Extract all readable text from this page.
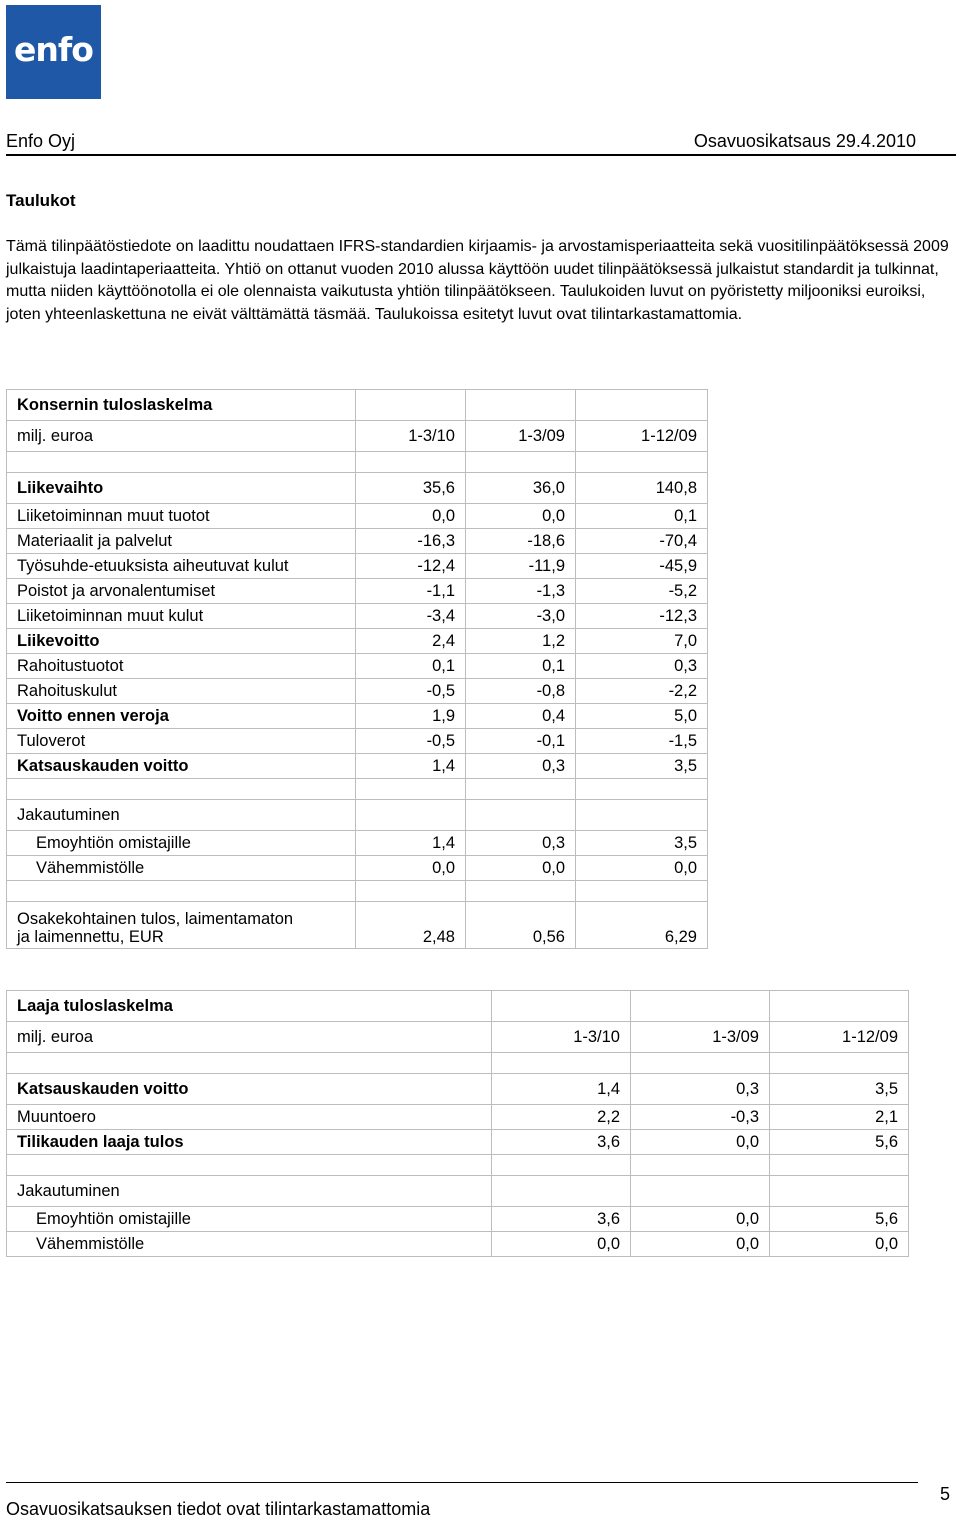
enfo
Enfo Oyj	Osavuosikatsaus 29.4.2010
Taulukot

Tämä tilinpäätöstiedote on laadittu noudattaen IFRS-standardien kirjaamis- ja arvostamisperiaatteita sekä vuositilinpäätöksessä 2009 julkaistuja laadintaperiaatteita. Yhtiö on ottanut vuoden 2010 alussa käyttöön uudet tilinpäätöksessä julkaistut standardit ja tulkinnat, mutta niiden käyttöönotolla ei ole olennaista vaikutusta yhtiön tilinpäätökseen. Taulukoiden luvut on pyöristetty miljooniksi euroiksi, joten yhteenlaskettuna ne eivät välttämättä täsmää. Taulukoissa esitetyt luvut ovat tilintarkastamattomia.

Konsernin tuloslaskelma			
milj. euroa	1-3/10	1-3/09	1-12/09

Liikevaihto	35,6	36,0	140,8
Liiketoiminnan muut tuotot	0,0	0,0	0,1
Materiaalit ja palvelut	-16,3	-18,6	-70,4
Työsuhde-etuuksista aiheutuvat kulut	-12,4	-11,9	-45,9
Poistot ja arvonalentumiset	-1,1	-1,3	-5,2
Liiketoiminnan muut kulut	-3,4	-3,0	-12,3
Liikevoitto	2,4	1,2	7,0
Rahoitustuotot	0,1	0,1	0,3
Rahoituskulut	-0,5	-0,8	-2,2
Voitto ennen veroja	1,9	0,4	5,0
Tuloverot	-0,5	-0,1	-1,5
Katsauskauden voitto	1,4	0,3	3,5

Jakautuminen			
Emoyhtiön omistajille	1,4	0,3	3,5
Vähemmistölle	0,0	0,0	0,0

Osakekohtainen tulos, laimentamaton
ja laimennettu, EUR	2,48	0,56	6,29
Laaja tuloslaskelma			
milj. euroa	1-3/10	1-3/09	1-12/09

Katsauskauden voitto	1,4	0,3	3,5
Muuntoero	2,2	-0,3	2,1
Tilikauden laaja tulos	3,6	0,0	5,6

Jakautuminen			
Emoyhtiön omistajille	3,6	0,0	5,6
Vähemmistölle	0,0	0,0	0,0
Osavuosikatsauksen tiedot ovat tilintarkastamattomia
5
